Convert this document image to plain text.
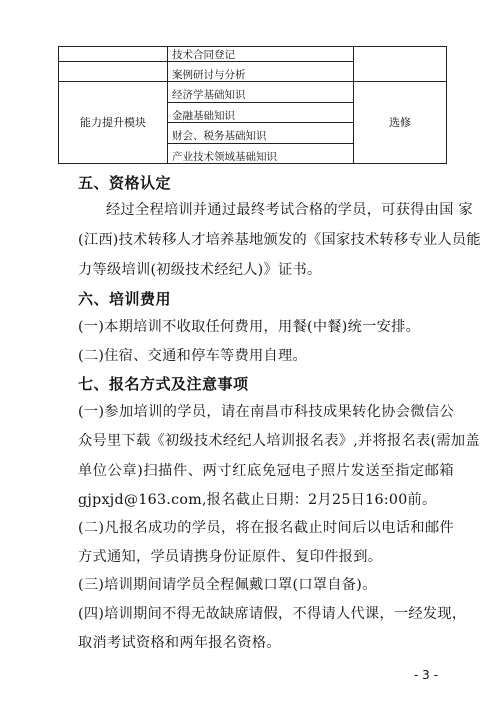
	技术合同登记	
	案例研讨与分析	
能力提升模块	经济学基础知识	选修
	金融基础知识	
	财会、税务基础知识	
	产业技术领域基础知识	
五、资格认定
经过全程培训并通过最终考试合格的学员，可获得由国 家
(江西)技术转移人才培养基地颁发的《国家技术转移专业人员能
力等级培训(初级技术经纪人)》证书。
六、培训费用
(一)本期培训不收取任何费用，用餐(中餐)统一安排。
(二)住宿、交通和停车等费用自理。
七、报名方式及注意事项
(一)参加培训的学员，请在南昌市科技成果转化协会微信公
众号里下载《初级技术经纪人培训报名表》,并将报名表(需加盖
单位公章)扫描件、两寸红底免冠电子照片发送至指定邮箱
gjpxjd@163.com,报名截止日期：2月25日16:00前。
(二)凡报名成功的学员，将在报名截止时间后以电话和邮件
方式通知，学员请携身份证原件、复印件报到。
(三)培训期间请学员全程佩戴口罩(口罩自备)。
(四)培训期间不得无故缺席请假，不得请人代课，一经发现，
取消考试资格和两年报名资格。
- 3 -
